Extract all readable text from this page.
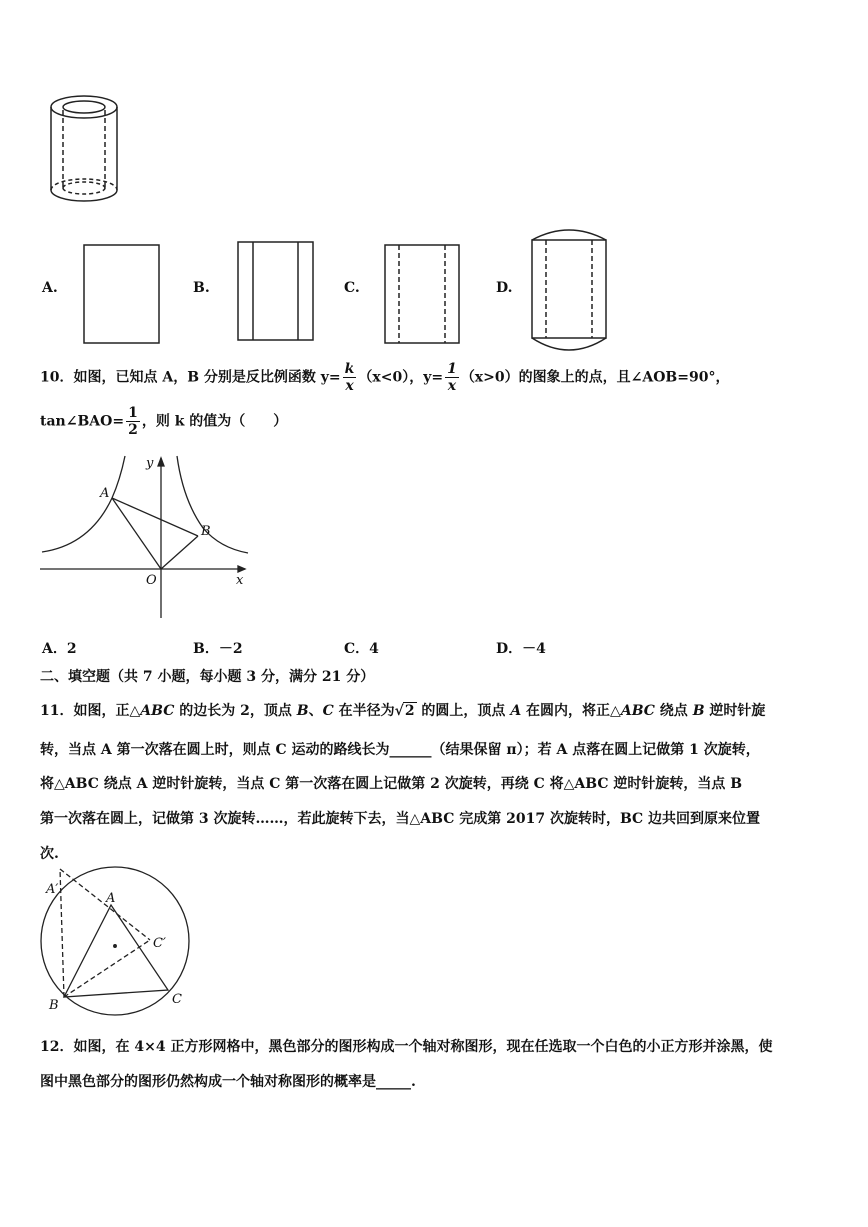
y
x
A
B
O
A′
A
C′
B	C
A.	B.	C.	D.
10．如图，已知点 A，B 分别是反比例函数 $y= \frac{k}{x} (x<0)$，$y= \frac{1}{x} (x>0)$的图象上的点，且∠AOB=90°，
tan∠BAO= $\frac{1}{2}$ ，则 k 的值为（　　）
A．2	B．－2	C．4	D．－4
二、填空题（共 7 小题，每小题 3 分，满分 21 分）
11．如图，正△ABC 的边长为 2，顶点 B、C 在半径为√2 的圆上，顶点 A 在圆内，将正△ABC 绕点 B 逆时针旋
转，当点 A 第一次落在圆上时，则点 C 运动的路线长为______（结果保留 π）；若 A 点落在圆上记做第 1 次旋转，
将△ABC 绕点 A 逆时针旋转，当点 C 第一次落在圆上记做第 2 次旋转，再绕 C 将△ABC 逆时针旋转，当点 B
第一次落在圆上，记做第 3 次旋转……，若此旋转下去，当△ABC 完成第 2017 次旋转时，BC 边共回到原来位置
次.
12．如图，在 4×4 正方形网格中，黑色部分的图形构成一个轴对称图形，现在任选取一个白色的小正方形并涂黑，使
图中黑色部分的图形仍然构成一个轴对称图形的概率是_____.
